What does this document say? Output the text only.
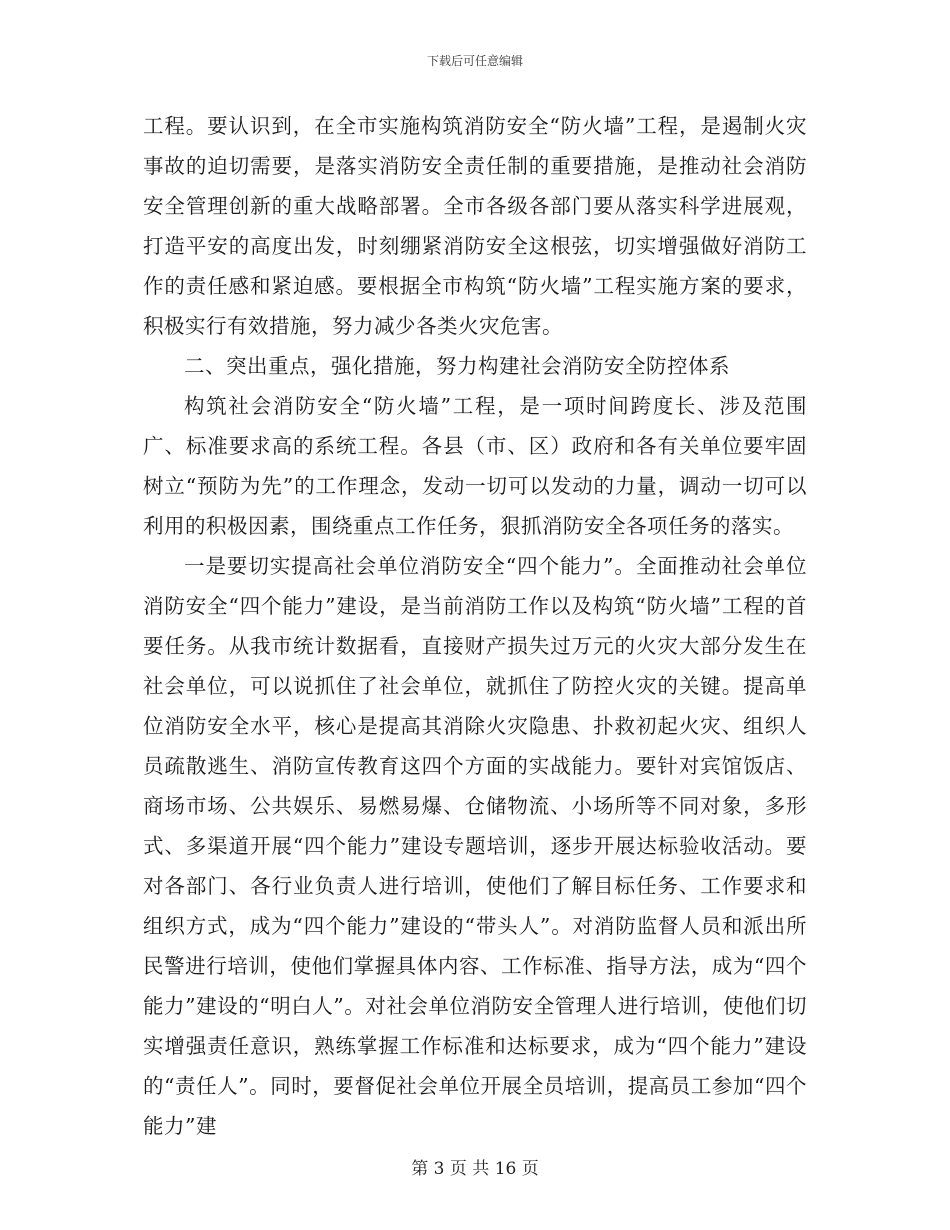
下载后可任意编辑

工程。要认识到，在全市实施构筑消防安全“防火墙”工程，是遏制火灾事故的迫切需要，是落实消防安全责任制的重要措施，是推动社会消防安全管理创新的重大战略部署。全市各级各部门要从落实科学进展观，打造平安的高度出发，时刻绷紧消防安全这根弦，切实增强做好消防工作的责任感和紧迫感。要根据全市构筑“防火墙”工程实施方案的要求，积极实行有效措施，努力减少各类火灾危害。

二、突出重点，强化措施，努力构建社会消防安全防控体系

构筑社会消防安全“防火墙”工程，是一项时间跨度长、涉及范围广、标准要求高的系统工程。各县（市、区）政府和各有关单位要牢固树立“预防为先”的工作理念，发动一切可以发动的力量，调动一切可以利用的积极因素，围绕重点工作任务，狠抓消防安全各项任务的落实。

一是要切实提高社会单位消防安全“四个能力”。全面推动社会单位消防安全“四个能力”建设，是当前消防工作以及构筑“防火墙”工程的首要任务。从我市统计数据看，直接财产损失过万元的火灾大部分发生在社会单位，可以说抓住了社会单位，就抓住了防控火灾的关键。提高单位消防安全水平，核心是提高其消除火灾隐患、扑救初起火灾、组织人员疏散逃生、消防宣传教育这四个方面的实战能力。要针对宾馆饭店、商场市场、公共娱乐、易燃易爆、仓储物流、小场所等不同对象，多形式、多渠道开展“四个能力”建设专题培训，逐步开展达标验收活动。要对各部门、各行业负责人进行培训，使他们了解目标任务、工作要求和组织方式，成为“四个能力”建设的“带头人”。对消防监督人员和派出所民警进行培训，使他们掌握具体内容、工作标准、指导方法，成为“四个能力”建设的“明白人”。对社会单位消防安全管理人进行培训，使他们切实增强责任意识，熟练掌握工作标准和达标要求，成为“四个能力”建设的“责任人”。同时，要督促社会单位开展全员培训，提高员工参加“四个能力”建

第 3 页 共 16 页
